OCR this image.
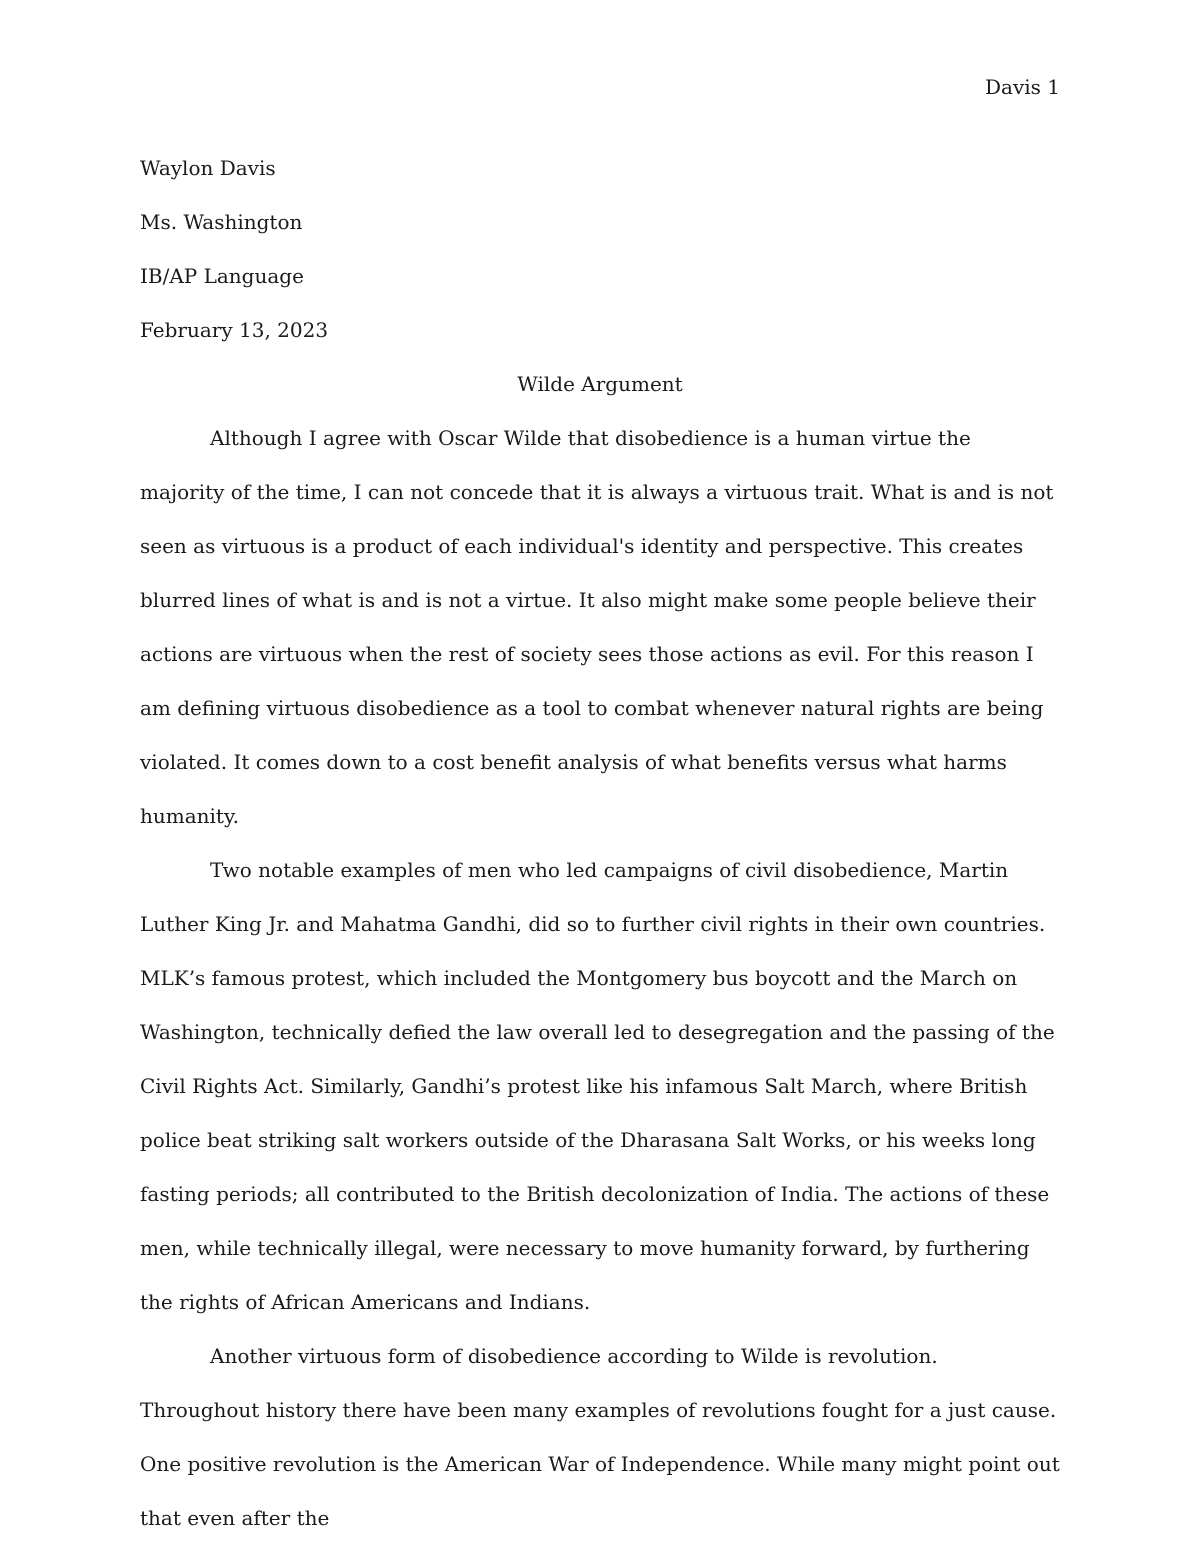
Davis 1

Waylon Davis

Ms. Washington

IB/AP Language

February 13, 2023

Wilde Argument

Although I agree with Oscar Wilde that disobedience is a human virtue the majority of the time, I can not concede that it is always a virtuous trait. What is and is not seen as virtuous is a product of each individual's identity and perspective. This creates blurred lines of what is and is not a virtue. It also might make some people believe their actions are virtuous when the rest of society sees those actions as evil. For this reason I am defining virtuous disobedience as a tool to combat whenever natural rights are being violated. It comes down to a cost benefit analysis of what benefits versus what harms humanity.

Two notable examples of men who led campaigns of civil disobedience, Martin Luther King Jr. and Mahatma Gandhi, did so to further civil rights in their own countries. MLK’s famous protest, which included the Montgomery bus boycott and the March on Washington, technically defied the law overall led to desegregation and the passing of the Civil Rights Act. Similarly, Gandhi’s protest like his infamous Salt March, where British police beat striking salt workers outside of the Dharasana Salt Works, or his weeks long fasting periods; all contributed to the British decolonization of India. The actions of these men, while technically illegal, were necessary to move humanity forward, by furthering the rights of African Americans and Indians.

Another virtuous form of disobedience according to Wilde is revolution. Throughout history there have been many examples of revolutions fought for a just cause. One positive revolution is the American War of Independence. While many might point out that even after the
